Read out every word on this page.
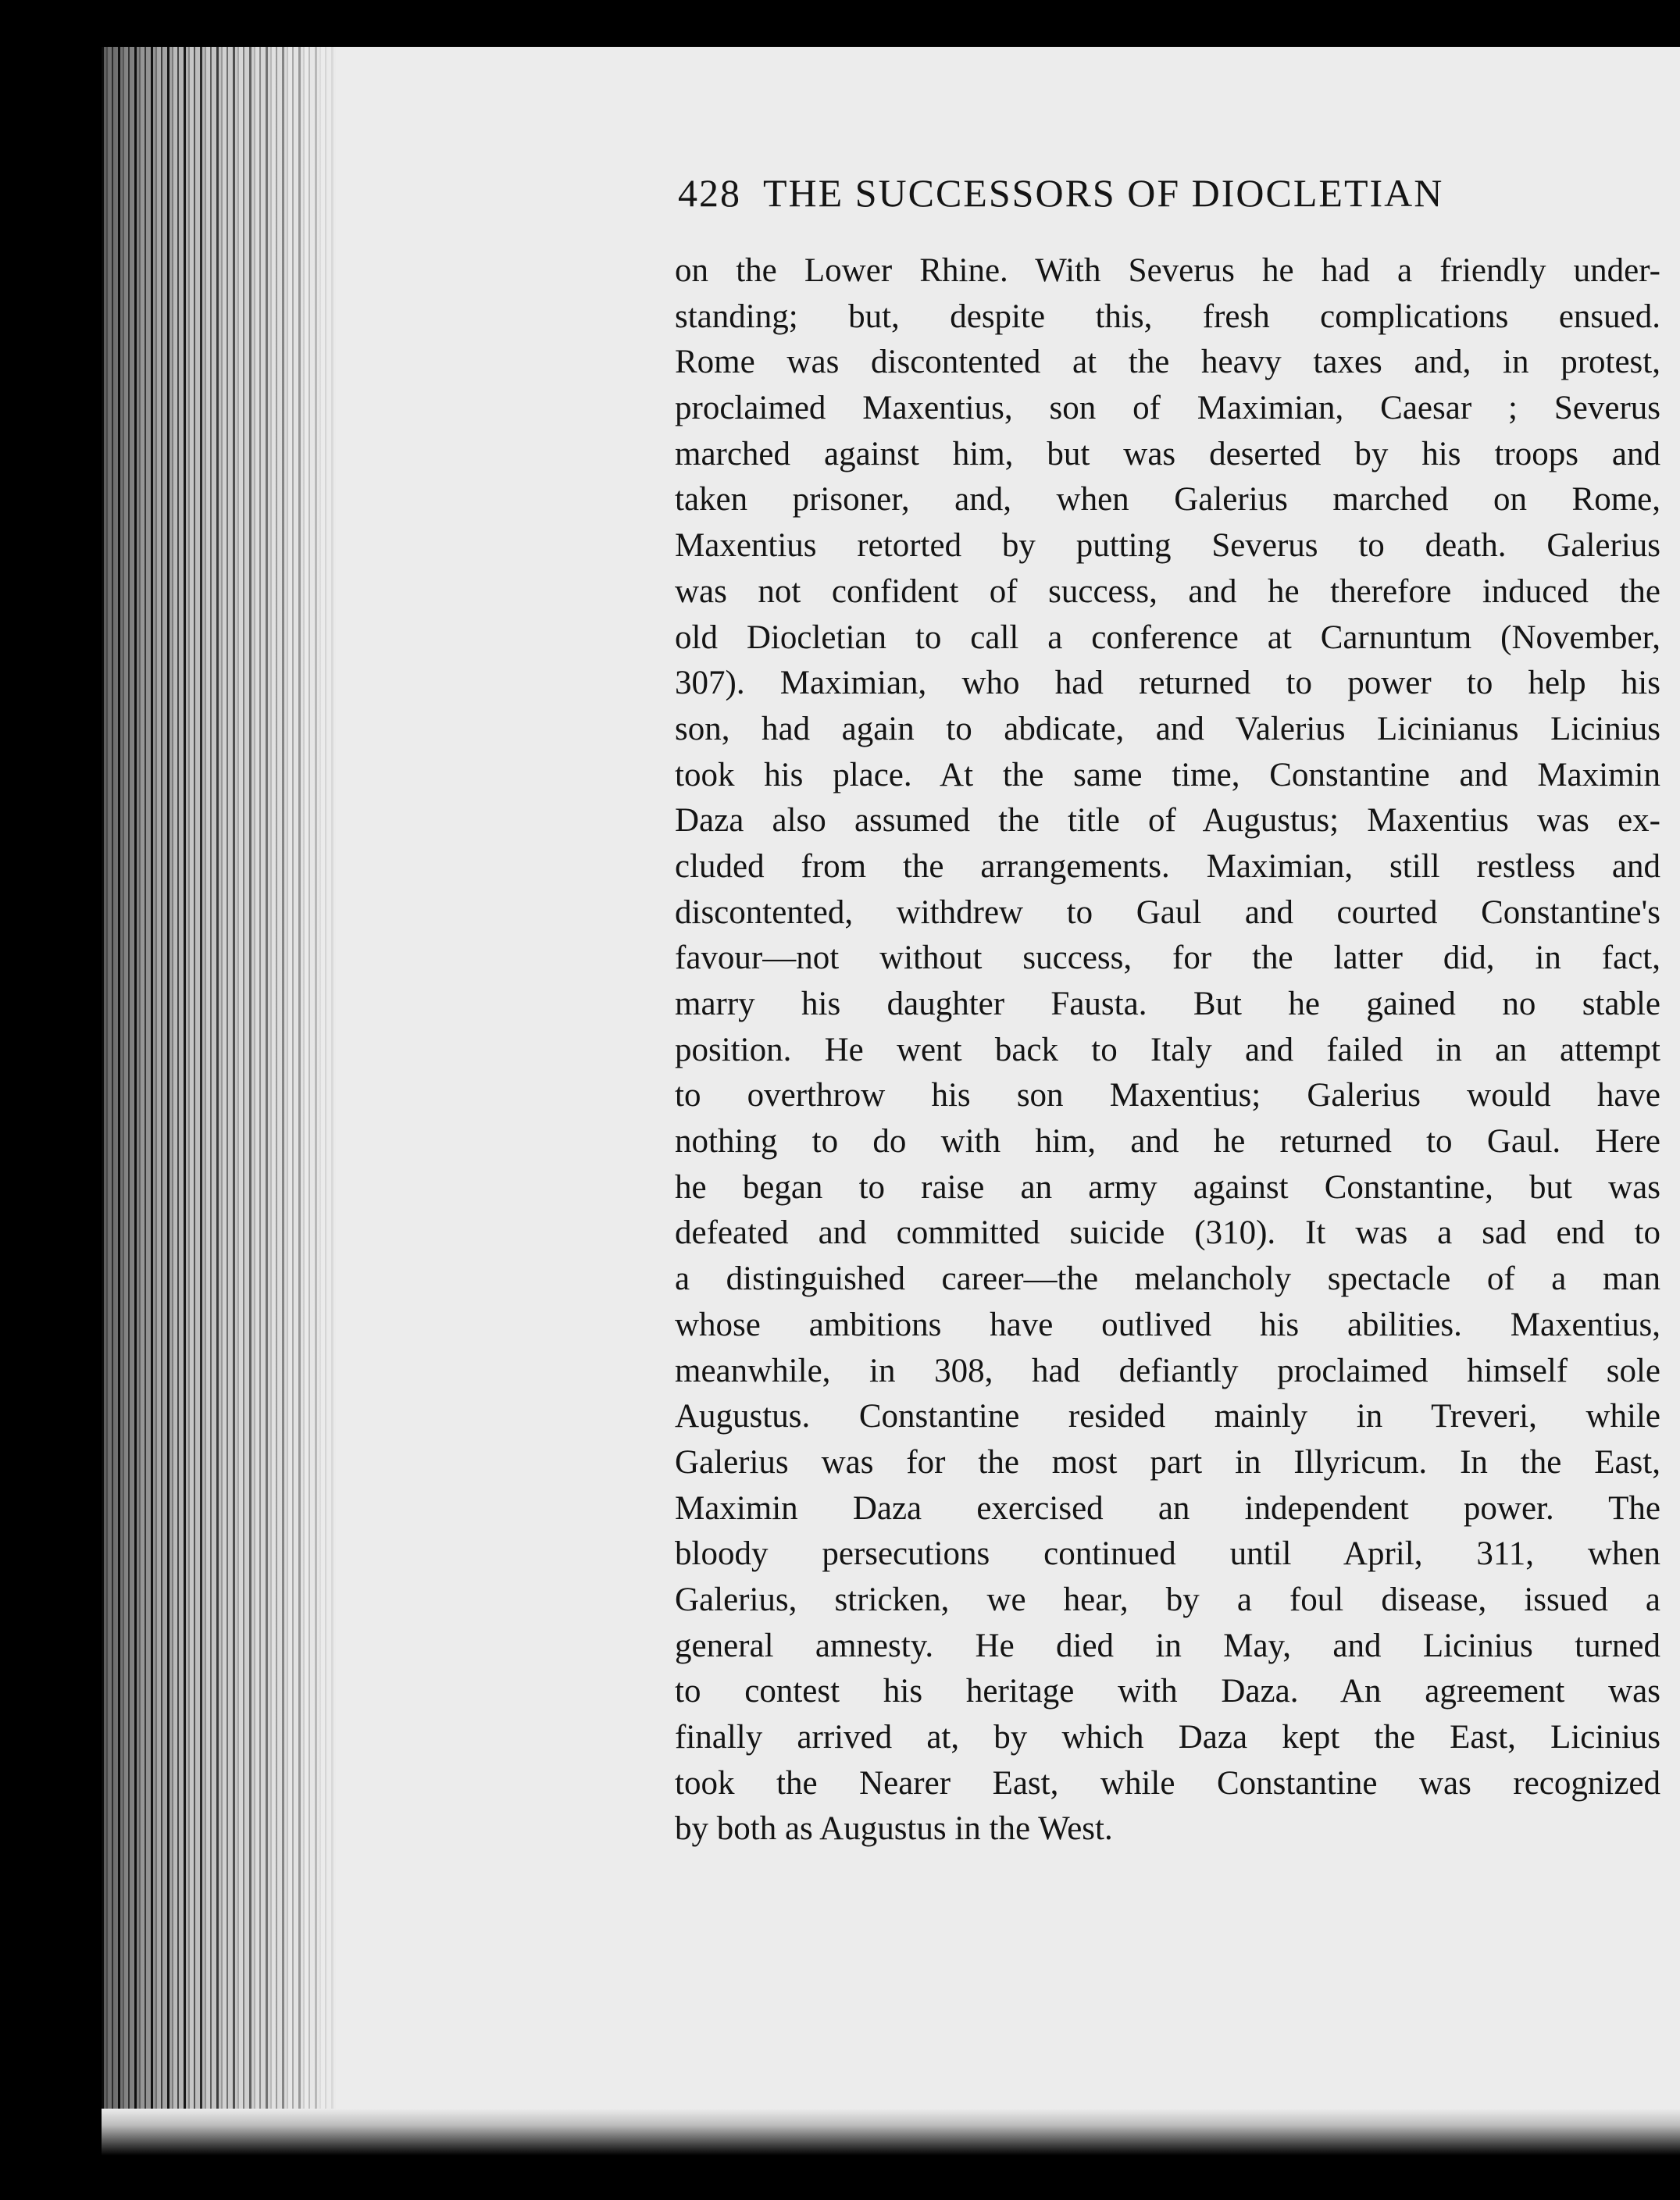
428 THE SUCCESSORS OF DIOCLETIAN
on the Lower Rhine. With Severus he had a friendly under-
standing; but, despite this, fresh complications ensued.
Rome was discontented at the heavy taxes and, in protest,
proclaimed Maxentius, son of Maximian, Caesar ; Severus
marched against him, but was deserted by his troops and
taken prisoner, and, when Galerius marched on Rome,
Maxentius retorted by putting Severus to death. Galerius
was not confident of success, and he therefore induced the
old Diocletian to call a conference at Carnuntum (November,
307). Maximian, who had returned to power to help his
son, had again to abdicate, and Valerius Licinianus Licinius
took his place. At the same time, Constantine and Maximin
Daza also assumed the title of Augustus; Maxentius was ex-
cluded from the arrangements. Maximian, still restless and
discontented, withdrew to Gaul and courted Constantine's
favour—not without success, for the latter did, in fact,
marry his daughter Fausta. But he gained no stable
position. He went back to Italy and failed in an attempt
to overthrow his son Maxentius; Galerius would have
nothing to do with him, and he returned to Gaul. Here
he began to raise an army against Constantine, but was
defeated and committed suicide (310). It was a sad end to
a distinguished career—the melancholy spectacle of a man
whose ambitions have outlived his abilities. Maxentius,
meanwhile, in 308, had defiantly proclaimed himself sole
Augustus. Constantine resided mainly in Treveri, while
Galerius was for the most part in Illyricum. In the East,
Maximin Daza exercised an independent power. The
bloody persecutions continued until April, 311, when
Galerius, stricken, we hear, by a foul disease, issued a
general amnesty. He died in May, and Licinius turned
to contest his heritage with Daza. An agreement was
finally arrived at, by which Daza kept the East, Licinius
took the Nearer East, while Constantine was recognized
by both as Augustus in the West.
